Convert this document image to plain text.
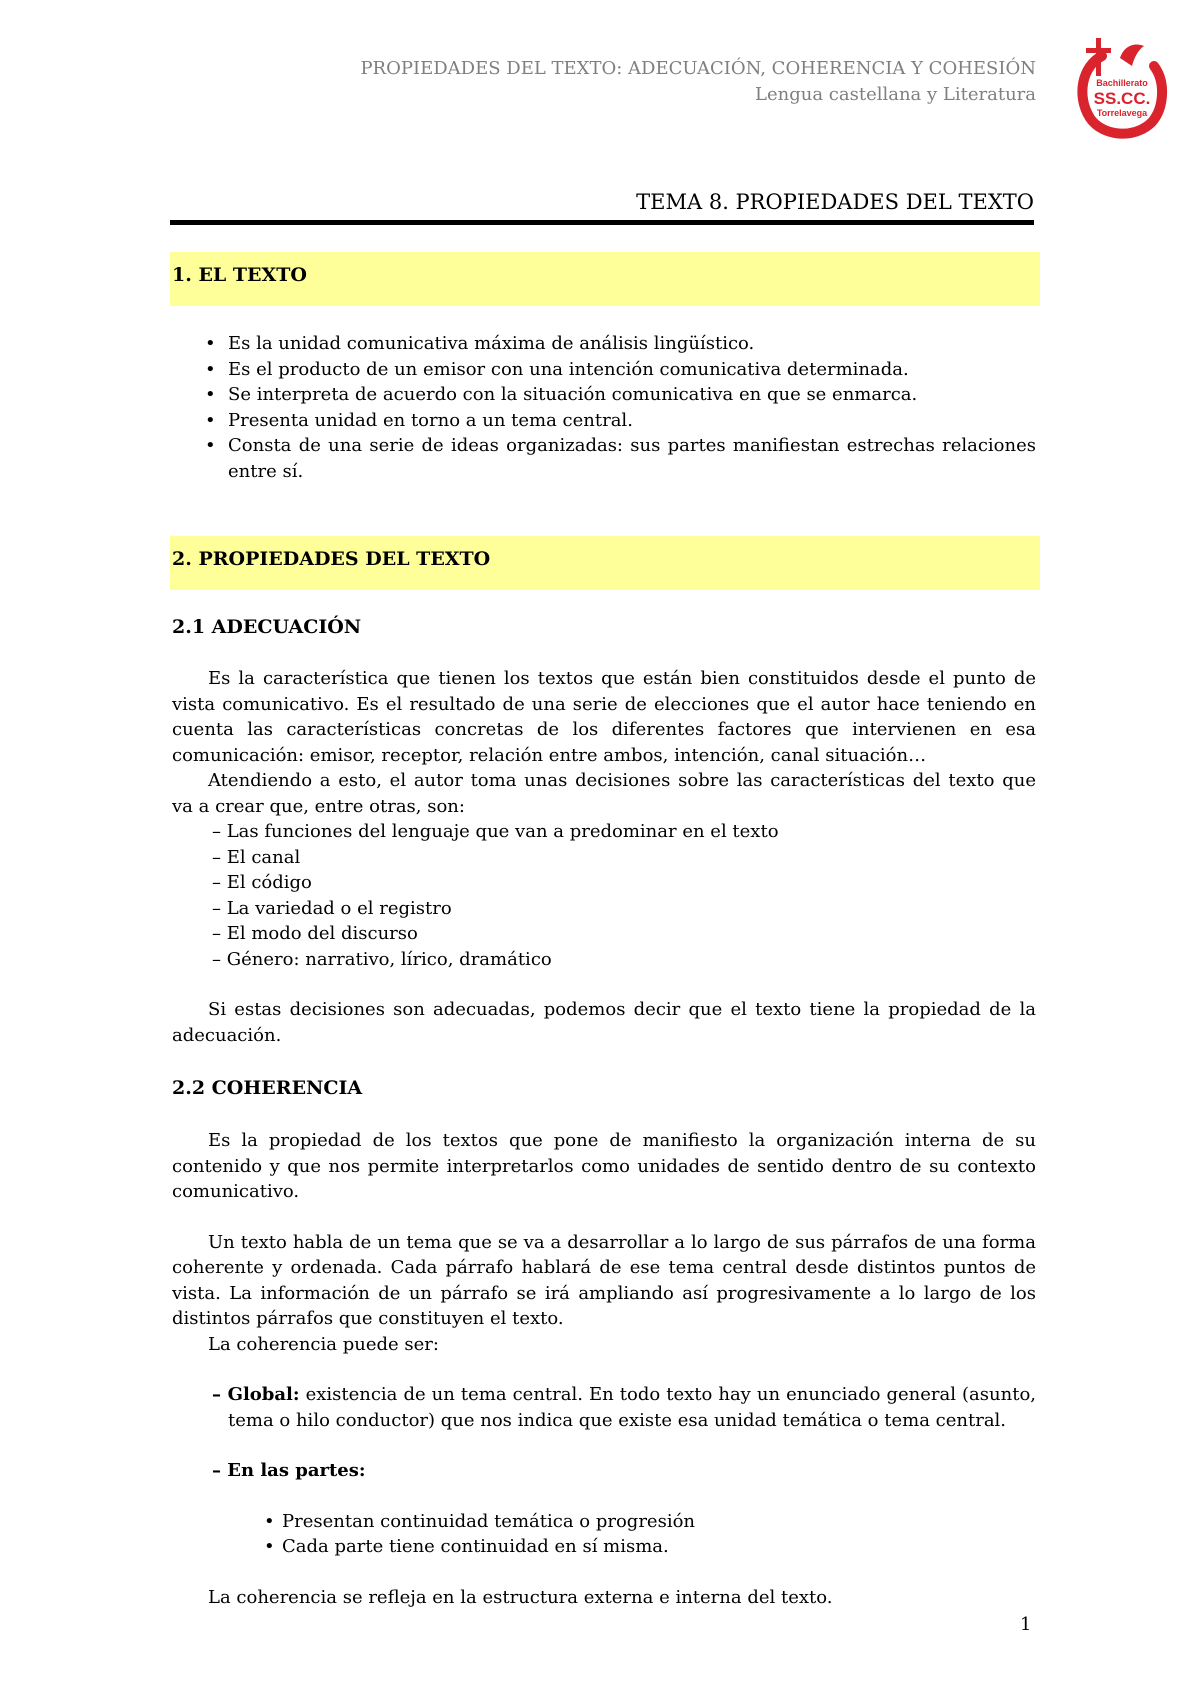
PROPIEDADES DEL TEXTO: ADECUACIÓN, COHERENCIA Y COHESIÓN
Lengua castellana y Literatura
Bachillerato
SS.CC.
Torrelavega
TEMA 8. PROPIEDADES DEL TEXTO
1. EL TEXTO
• Es la unidad comunicativa máxima de análisis lingüístico.
• Es el producto de un emisor con una intención comunicativa determinada.
• Se interpreta de acuerdo con la situación comunicativa en que se enmarca.
• Presenta unidad en torno a un tema central.
• Consta de una serie de ideas organizadas: sus partes manifiestan estrechas relaciones entre sí.
2. PROPIEDADES DEL TEXTO
2.1 ADECUACIÓN

Es la característica que tienen los textos que están bien constituidos desde el punto de vista comunicativo. Es el resultado de una serie de elecciones que el autor hace teniendo en cuenta las características concretas de los diferentes factores que intervienen en esa comunicación: emisor, receptor, relación entre ambos, intención, canal situación…

Atendiendo a esto, el autor toma unas decisiones sobre las características del texto que va a crear que, entre otras, son:

– Las funciones del lenguaje que van a predominar en el texto

– El canal

– El código

– La variedad o el registro

– El modo del discurso

– Género: narrativo, lírico, dramático

Si estas decisiones son adecuadas, podemos decir que el texto tiene la propiedad de la adecuación.

2.2 COHERENCIA

Es la propiedad de los textos que pone de manifiesto la organización interna de su contenido y que nos permite interpretarlos como unidades de sentido dentro de su contexto comunicativo.

Un texto habla de un tema que se va a desarrollar a lo largo de sus párrafos de una forma coherente y ordenada. Cada párrafo hablará de ese tema central desde distintos puntos de vista. La información de un párrafo se irá ampliando así progresivamente a lo largo de los distintos párrafos que constituyen el texto.

La coherencia puede ser:

– Global: existencia de un tema central. En todo texto hay un enunciado general (asunto, tema o hilo conductor) que nos indica que existe esa unidad temática o tema central.

– En las partes:

• Presentan continuidad temática o progresión
• Cada parte tiene continuidad en sí misma.

La coherencia se refleja en la estructura externa e interna del texto.

1
